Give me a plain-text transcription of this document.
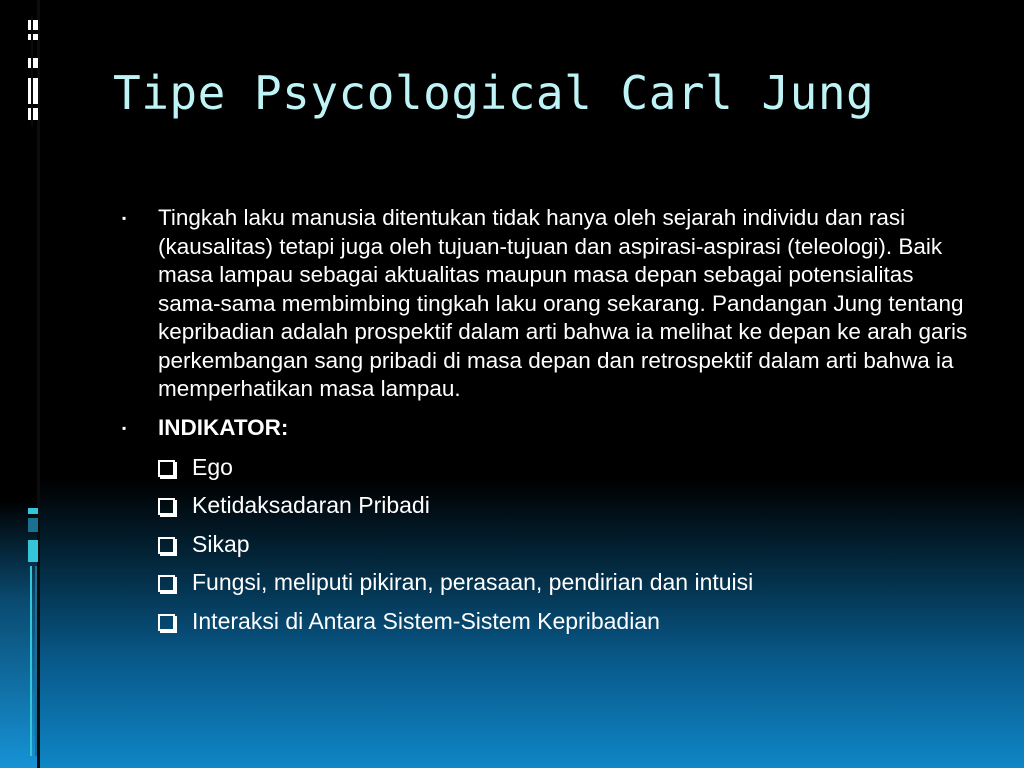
Tipe Psycological Carl Jung
▪	Tingkah laku manusia ditentukan tidak hanya oleh sejarah individu dan rasi (kausalitas) tetapi juga oleh tujuan-tujuan dan aspirasi-aspirasi (teleologi). Baik masa lampau sebagai aktualitas maupun masa depan sebagai potensialitas sama-sama membimbing tingkah laku orang sekarang. Pandangan Jung tentang kepribadian adalah prospektif dalam arti bahwa ia melihat ke depan ke arah garis perkembangan sang pribadi di masa depan dan retrospektif dalam arti bahwa ia memperhatikan masa lampau.
▪	INDIKATOR:
Ego
Ketidaksadaran Pribadi
Sikap
Fungsi, meliputi pikiran, perasaan, pendirian dan intuisi
Interaksi di Antara Sistem-Sistem Kepribadian
